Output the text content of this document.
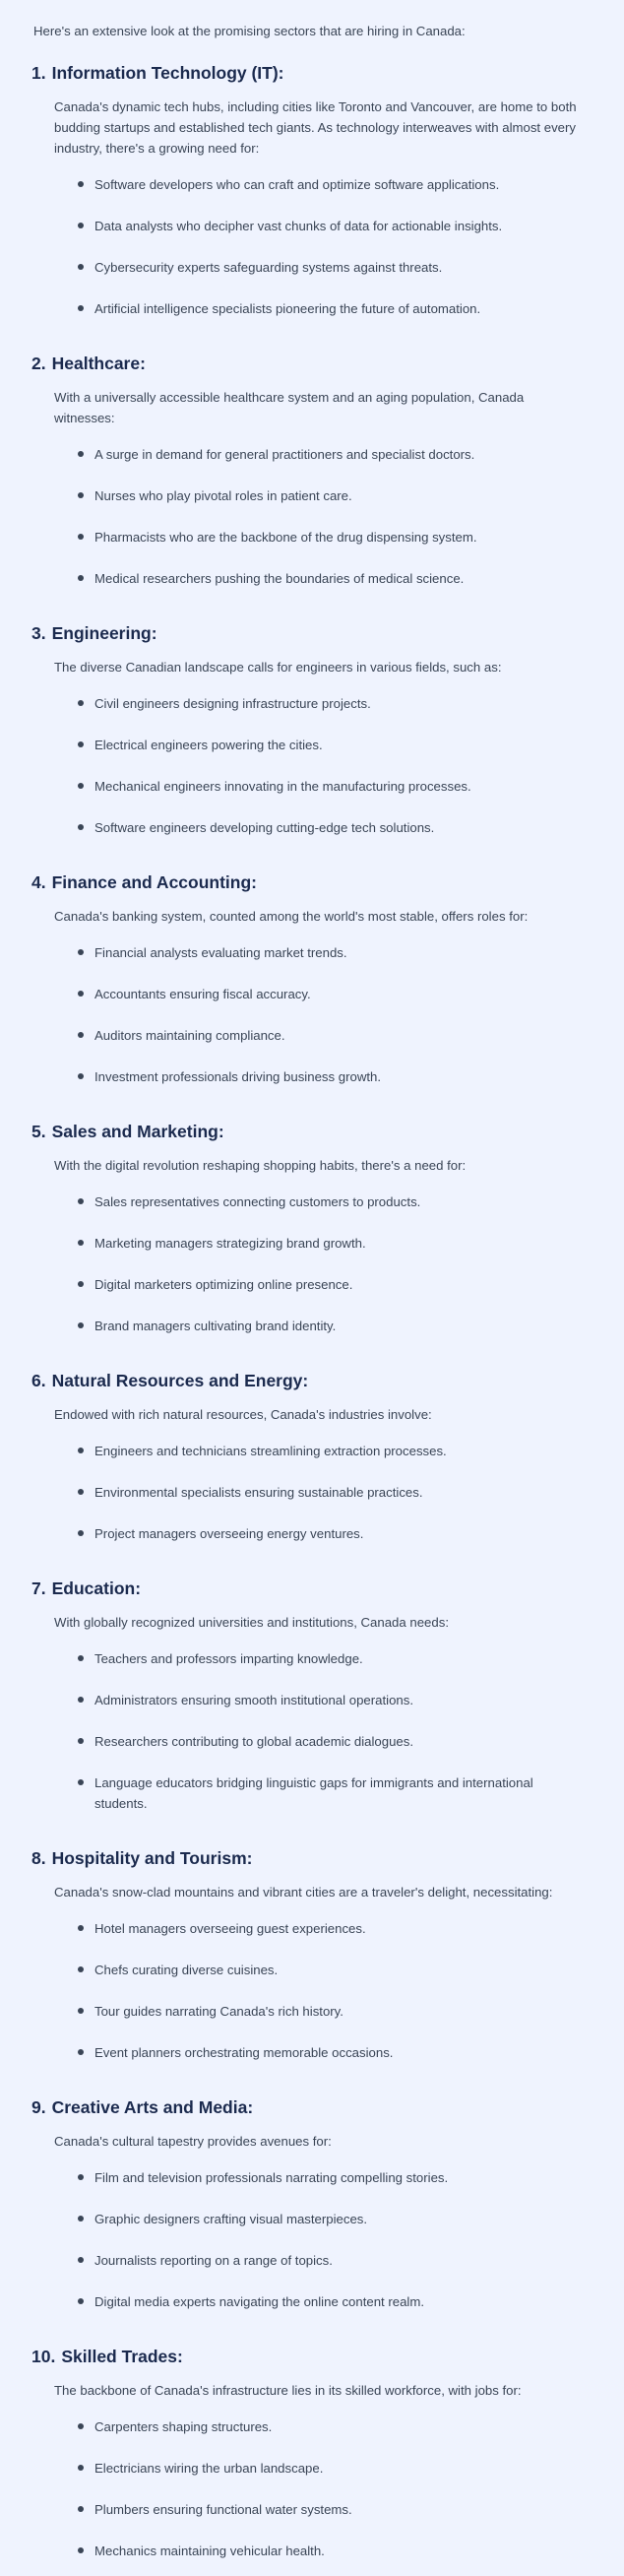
Here's an extensive look at the promising sectors that are hiring in Canada:
1. Information Technology (IT):
Canada's dynamic tech hubs, including cities like Toronto and Vancouver, are home to both budding startups and established tech giants. As technology interweaves with almost every industry, there's a growing need for:
Software developers who can craft and optimize software applications.
Data analysts who decipher vast chunks of data for actionable insights.
Cybersecurity experts safeguarding systems against threats.
Artificial intelligence specialists pioneering the future of automation.
2. Healthcare:
With a universally accessible healthcare system and an aging population, Canada witnesses:
A surge in demand for general practitioners and specialist doctors.
Nurses who play pivotal roles in patient care.
Pharmacists who are the backbone of the drug dispensing system.
Medical researchers pushing the boundaries of medical science.
3. Engineering:
The diverse Canadian landscape calls for engineers in various fields, such as:
Civil engineers designing infrastructure projects.
Electrical engineers powering the cities.
Mechanical engineers innovating in the manufacturing processes.
Software engineers developing cutting-edge tech solutions.
4. Finance and Accounting:
Canada's banking system, counted among the world's most stable, offers roles for:
Financial analysts evaluating market trends.
Accountants ensuring fiscal accuracy.
Auditors maintaining compliance.
Investment professionals driving business growth.
5. Sales and Marketing:
With the digital revolution reshaping shopping habits, there's a need for:
Sales representatives connecting customers to products.
Marketing managers strategizing brand growth.
Digital marketers optimizing online presence.
Brand managers cultivating brand identity.
6. Natural Resources and Energy:
Endowed with rich natural resources, Canada's industries involve:
Engineers and technicians streamlining extraction processes.
Environmental specialists ensuring sustainable practices.
Project managers overseeing energy ventures.
7. Education:
With globally recognized universities and institutions, Canada needs:
Teachers and professors imparting knowledge.
Administrators ensuring smooth institutional operations.
Researchers contributing to global academic dialogues.
Language educators bridging linguistic gaps for immigrants and international students.
8. Hospitality and Tourism:
Canada's snow-clad mountains and vibrant cities are a traveler's delight, necessitating:
Hotel managers overseeing guest experiences.
Chefs curating diverse cuisines.
Tour guides narrating Canada's rich history.
Event planners orchestrating memorable occasions.
9. Creative Arts and Media:
Canada's cultural tapestry provides avenues for:
Film and television professionals narrating compelling stories.
Graphic designers crafting visual masterpieces.
Journalists reporting on a range of topics.
Digital media experts navigating the online content realm.
10. Skilled Trades:
The backbone of Canada's infrastructure lies in its skilled workforce, with jobs for:
Carpenters shaping structures.
Electricians wiring the urban landscape.
Plumbers ensuring functional water systems.
Mechanics maintaining vehicular health.
